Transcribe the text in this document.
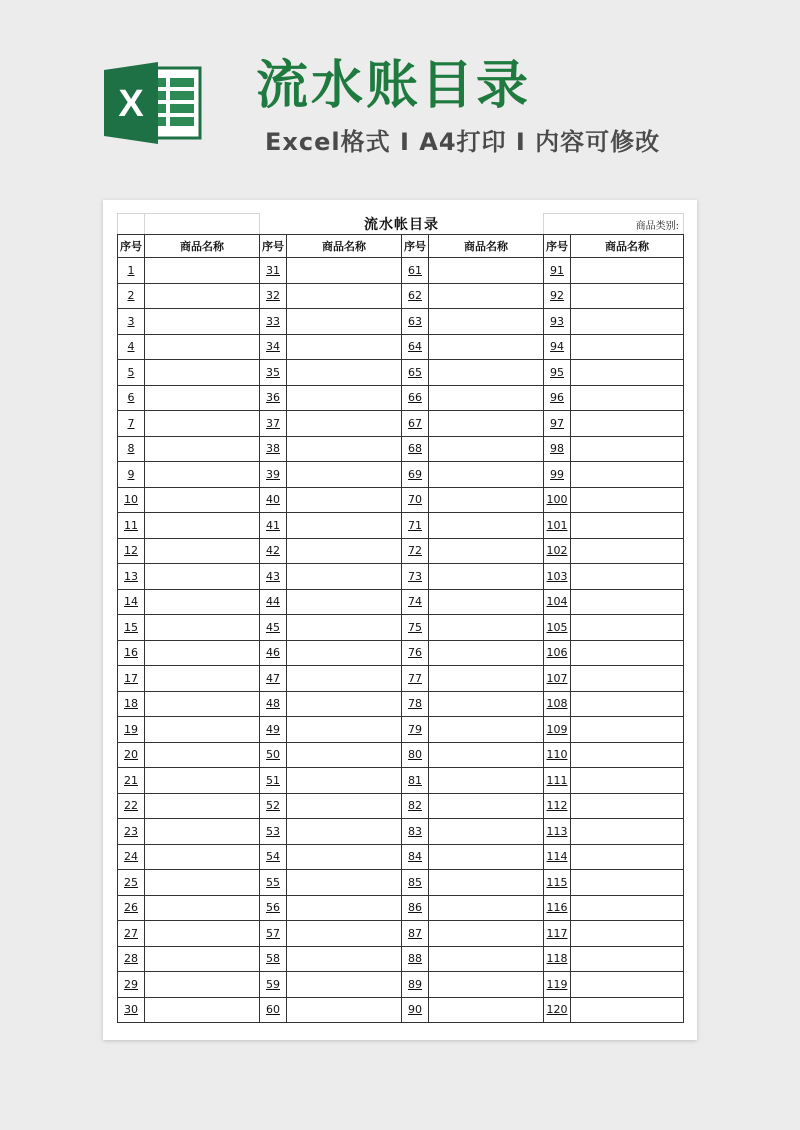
X 流水账目录
Excel格式 I A4打印 I 内容可修改
		流水帐目录				商品类别:	
序号	商品名称	序号	商品名称	序号	商品名称	序号	商品名称
1		31		61		91	
2		32		62		92	
3		33		63		93	
4		34		64		94	
5		35		65		95	
6		36		66		96	
7		37		67		97	
8		38		68		98	
9		39		69		99	
10		40		70		100	
11		41		71		101	
12		42		72		102	
13		43		73		103	
14		44		74		104	
15		45		75		105	
16		46		76		106	
17		47		77		107	
18		48		78		108	
19		49		79		109	
20		50		80		110	
21		51		81		111	
22		52		82		112	
23		53		83		113	
24		54		84		114	
25		55		85		115	
26		56		86		116	
27		57		87		117	
28		58		88		118	
29		59		89		119	
30		60		90		120	
